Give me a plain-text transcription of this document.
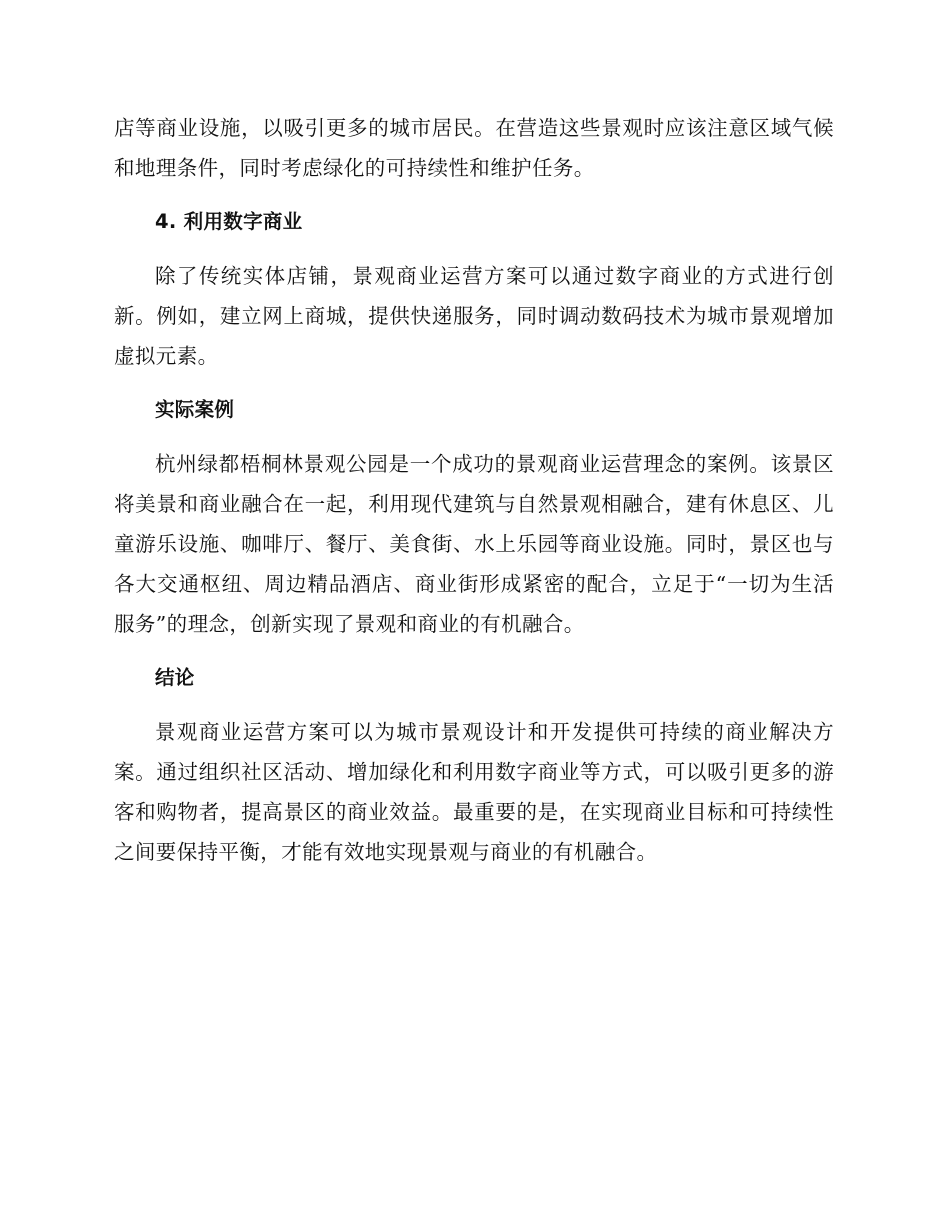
店等商业设施，以吸引更多的城市居民。在营造这些景观时应该注意区域气候和地理条件，同时考虑绿化的可持续性和维护任务。

4. 利用数字商业

除了传统实体店铺，景观商业运营方案可以通过数字商业的方式进行创新。例如，建立网上商城，提供快递服务，同时调动数码技术为城市景观增加虚拟元素。

实际案例

杭州绿都梧桐林景观公园是一个成功的景观商业运营理念的案例。该景区将美景和商业融合在一起，利用现代建筑与自然景观相融合，建有休息区、儿童游乐设施、咖啡厅、餐厅、美食街、水上乐园等商业设施。同时，景区也与各大交通枢纽、周边精品酒店、商业街形成紧密的配合，立足于“一切为生活服务”的理念，创新实现了景观和商业的有机融合。

结论

景观商业运营方案可以为城市景观设计和开发提供可持续的商业解决方案。通过组织社区活动、增加绿化和利用数字商业等方式，可以吸引更多的游客和购物者，提高景区的商业效益。最重要的是，在实现商业目标和可持续性之间要保持平衡，才能有效地实现景观与商业的有机融合。
